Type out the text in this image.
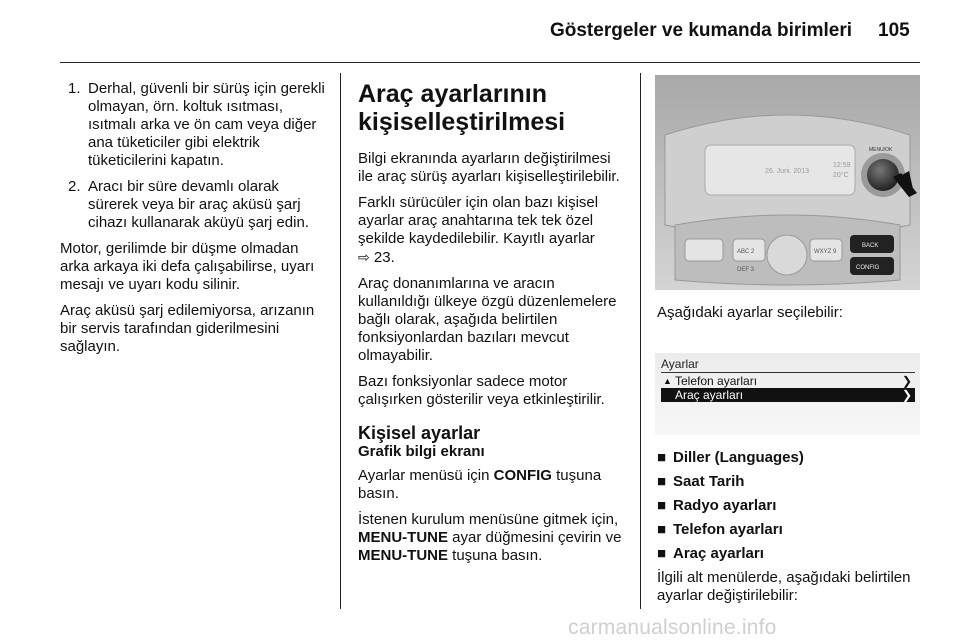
Göstergeler ve kumanda birimleri 105
1. Derhal, güvenli bir sürüş için gerekli olmayan, örn. koltuk ısıtması, ısıtmalı arka ve ön cam veya diğer ana tüketiciler gibi elektrik tüketicilerini kapatın.
2. Aracı bir süre devamlı olarak sürerek veya bir araç aküsü şarj cihazı kullanarak aküyü şarj edin.

Motor, gerilimde bir düşme olmadan arka arkaya iki defa çalışabilirse, uyarı mesajı ve uyarı kodu silinir.

Araç aküsü şarj edilemiyorsa, arızanın bir servis tarafından giderilmesini sağlayın.

Araç ayarlarının kişiselleştirilmesi

Bilgi ekranında ayarların değiştirilmesi ile araç sürüş ayarları kişiselleştirilebilir.

Farklı sürücüler için olan bazı kişisel ayarlar araç anahtarına tek tek özel şekilde kaydedilebilir. Kayıtlı ayarlar
⇨ 23.

Araç donanımlarına ve aracın kullanıldığı ülkeye özgü düzenlemelere bağlı olarak, aşağıda belirtilen fonksiyonlardan bazıları mevcut olmayabilir.

Bazı fonksiyonlar sadece motor çalışırken gösterilir veya etkinleştirilir.

Kişisel ayarlar
Grafik bilgi ekranı

Ayarlar menüsü için CONFIG tuşuna basın.

İstenen kurulum menüsüne gitmek için, MENU-TUNE ayar düğmesini çevirin ve MENU-TUNE tuşuna basın.

26. Juni. 2013
12:59
20°C
MENU/OK
ABC 2
DEF 3
WXYZ 9
BACK
CONFIG
Aşağıdaki ayarlar seçilebilir:
Ayarlar
▲ Telefon ayarları	❯
Araç ayarları	❯
■ Diller (Languages)
■ Saat Tarih
■ Radyo ayarları
■ Telefon ayarları
■ Araç ayarları

İlgili alt menülerde, aşağıdaki belirtilen ayarlar değiştirilebilir:

carmanualsonline.info
